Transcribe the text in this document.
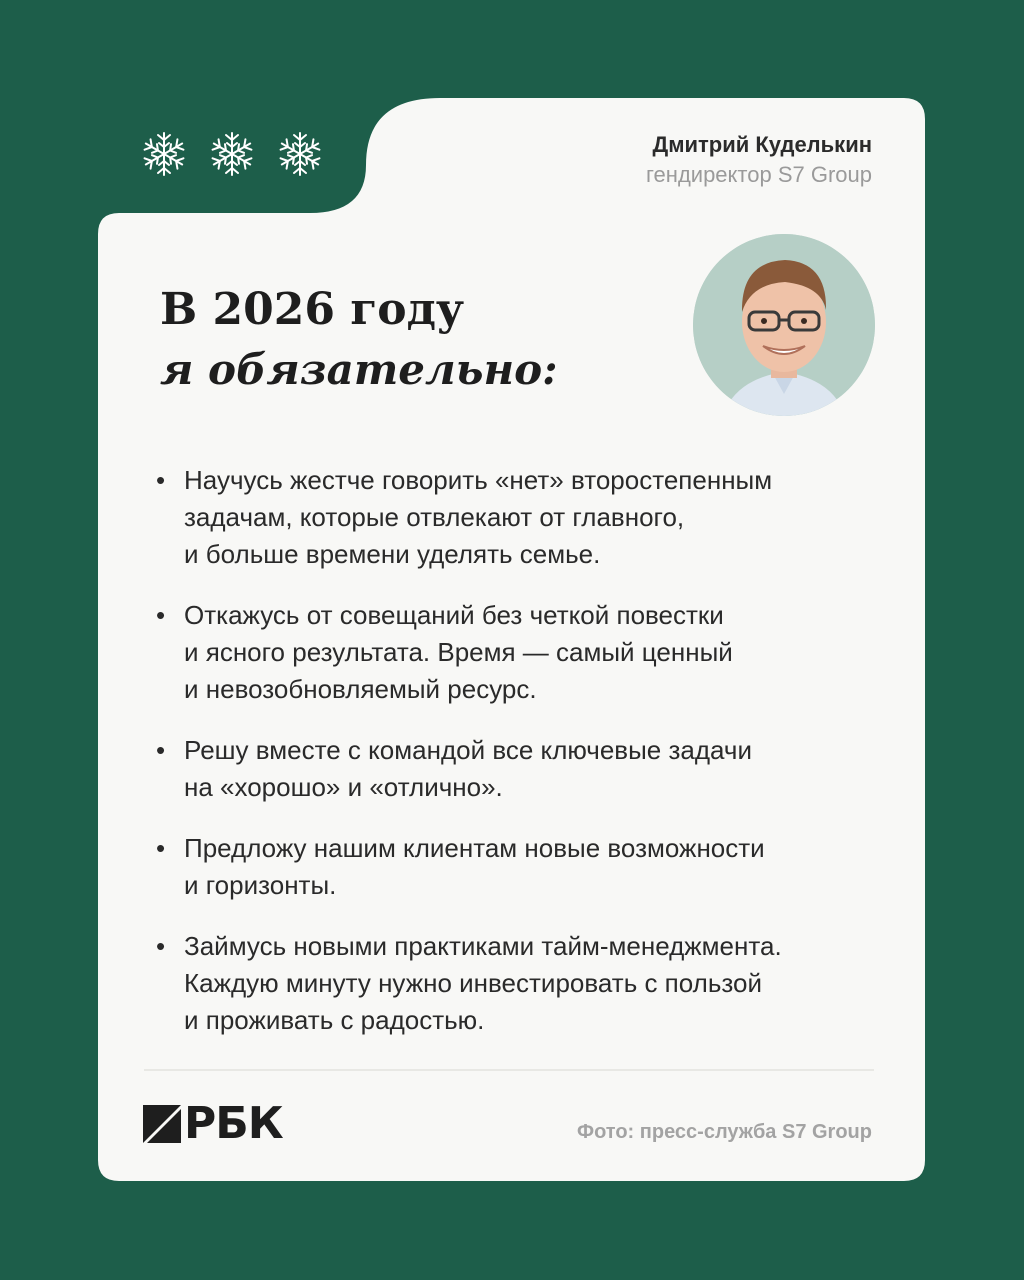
Дмитрий Куделькин
гендиректор S7 Group
В 2026 году
я обязательно:
• Научусь жестче говорить «нет» второстепенным
задачам, которые отвлекают от главного,
и больше времени уделять семье.
• Откажусь от совещаний без четкой повестки
и ясного результата. Время — самый ценный
и невозобновляемый ресурс.
• Решу вместе с командой все ключевые задачи
на «хорошо» и «отлично».
• Предложу нашим клиентам новые возможности
и горизонты.
• Займусь новыми практиками тайм-менеджмента.
Каждую минуту нужно инвестировать с пользой
и проживать с радостью.
РБК	Фото: пресс-служба S7 Group
